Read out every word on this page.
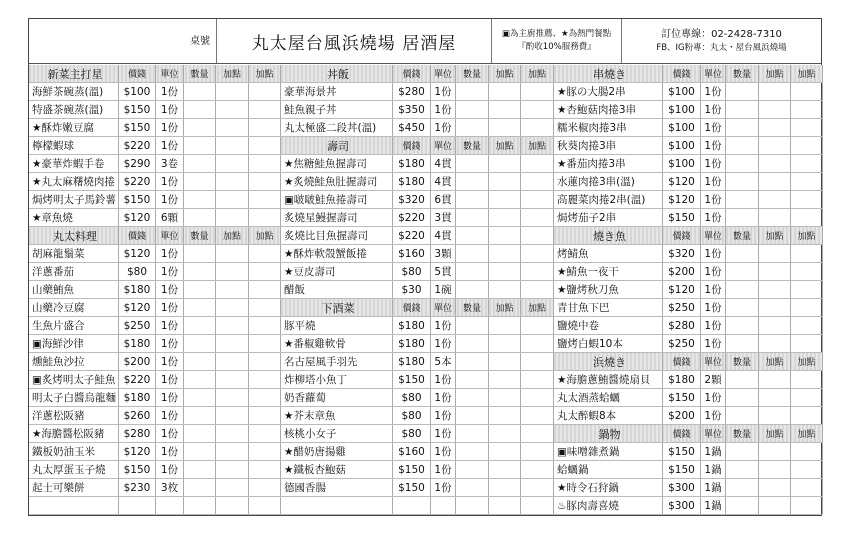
桌號 丸太屋台風浜燒場 居酒屋	▣為主廚推薦、★為熱門餐點
『酌收10%服務費』
訂位專線：02-2428-7310
FB、IG粉專：丸太・屋台風浜燒場
新菜主打星	價錢	單位	數量	加點	加點
海鮮茶碗蒸(溫)	$100	1份
特盛茶碗蒸(溫)	$150	1份
★酥炸嫩豆腐	$150	1份
檸檬蝦球	$220	1份
★豪華炸蝦手卷	$290	3卷
★丸太麻糬燒肉捲 $220	1份
焗烤明太子馬鈴薯 $150	1份
★章魚燒	$120	6顆
丸太料理	價錢	單位	數量	加點	加點
胡麻龍鬚菜	$120	1份
洋蔥番茄	$80	1份
山藥鮪魚	$180	1份
山藥冷豆腐	$120	1份
生魚片盛合	$250	1份
▣海鮮沙律	$180	1份
燻鮭魚沙拉	$200	1份
▣炙烤明太子鮭魚 $220	1份
明太子白醬烏龍麵 $180	1份
洋蔥松阪豬	$260	1份
★海膽醬松阪豬	$280	1份
鐵板奶油玉米	$120	1份
丸太厚蛋玉子燒	$150	1份
起士可樂餅	$230	3枚
丼飯	價錢	單位	數量	加點	加點
豪華海景丼	$280 1份
鮭魚親子丼	$350 1份
丸太極盛二段丼(溫)	$450 1份
壽司	價錢	單位	數量	加點	加點
★焦糖鮭魚握壽司	$180 4貫
★炙燒鮭魚肚握壽司	$180 4貫
▣啵啵鮭魚捲壽司	$320 6貫
炙燒星鰻握壽司	$220 3貫
炙燒比目魚握壽司	$220 4貫
★酥炸軟殼蟹飯捲	$160 3顆
★豆皮壽司	$80	5貫
醋飯	$30	1碗
下酒菜	價錢	單位	數量	加點	加點
豚平燒	$180 1份
★番椒雞軟骨	$180 1份
名古屋風手羽先	$180 5本
炸柳塔小魚丁	$150 1份
奶香蘿蔔	$80	1份
★芥末章魚	$80	1份
核桃小女子	$80	1份
★醋奶唐揚雞	$160 1份
★鐵板杏鮑菇	$150 1份
德國香腸	$150 1份
串燒き	價錢	單位	數量	加點	加點
★豚の大腸2串	$100 1份
★杏鮑菇肉捲3串	$100 1份
糯米椒肉捲3串	$100 1份
秋葵肉捲3串	$100 1份
★番茄肉捲3串	$100 1份
水蓮肉捲3串(溫)	$120 1份
高麗菜肉捲2串(溫)	$120 1份
焗烤茄子2串	$150 1份
燒き魚	價錢	單位	數量	加點	加點
烤鯖魚	$320 1份
★鯖魚一夜干	$200 1份
★鹽烤秋刀魚	$120 1份
青甘魚下巴	$250 1份
鹽燒中卷	$280 1份
鹽烤白蝦10本	$250 1份
浜燒き	價錢	單位	數量	加點	加點
★海膽蔥鮪醬燒扇貝	$180 2顆
丸太酒蒸蛤蠣	$150 1份
丸太醉蝦8本	$200 1份
鍋物	價錢	單位	數量	加點	加點
▣味噌雜煮鍋	$150 1鍋
蛤蠣鍋	$150 1鍋
★時令石狩鍋	$300 1鍋
♨豚肉壽喜燒	$300 1鍋
